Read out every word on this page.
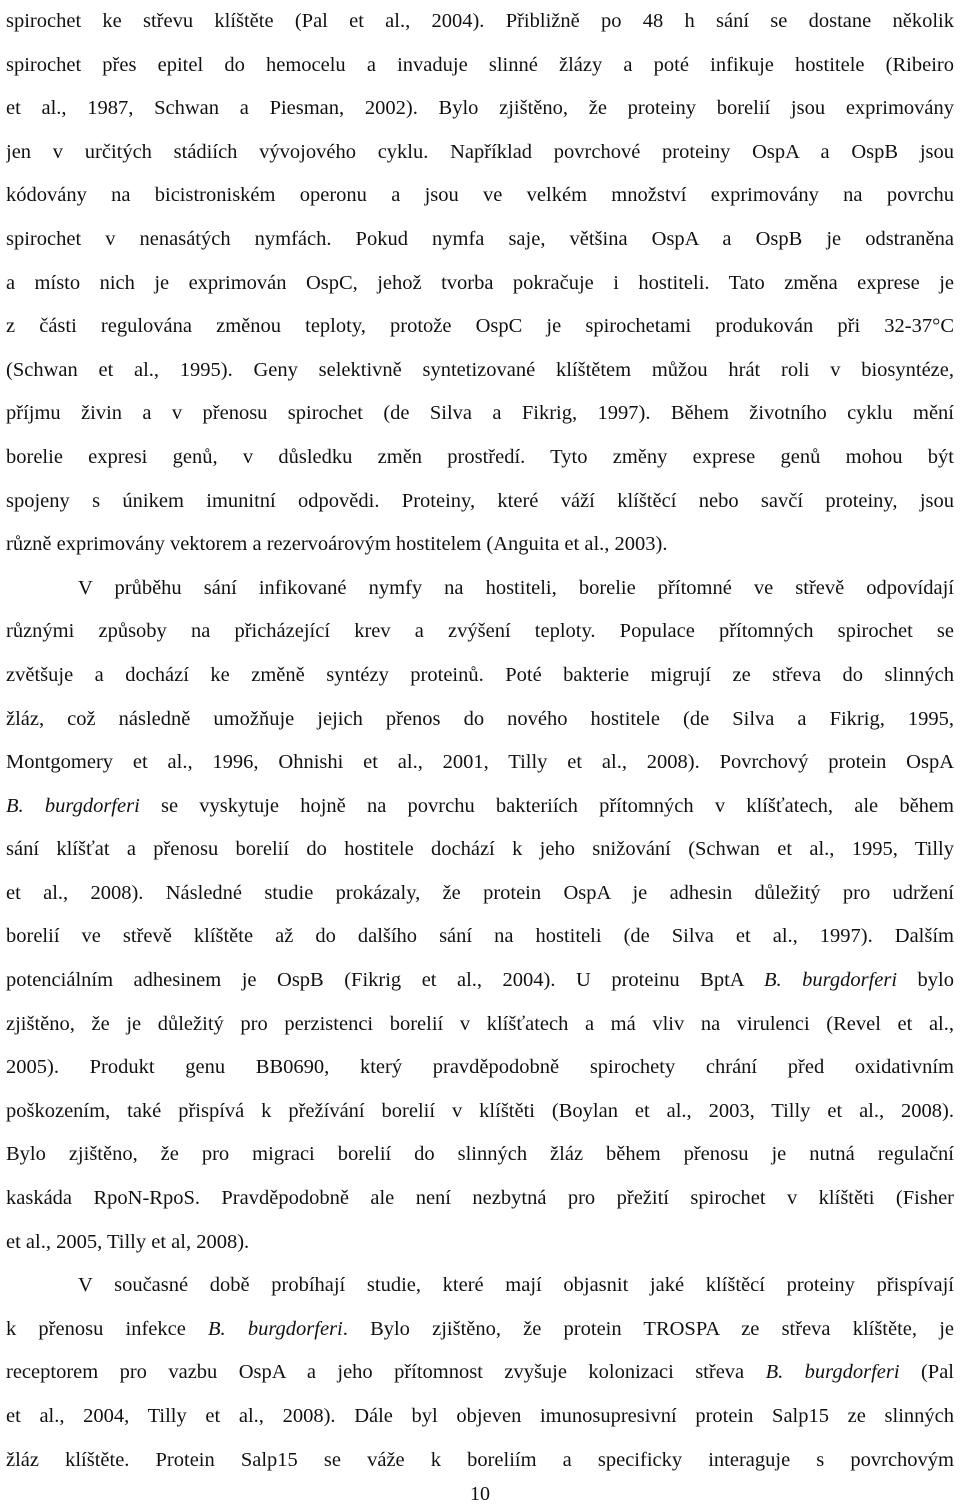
spirochet ke střevu klíštěte (Pal et al., 2004). Přibližně po 48 h sání se dostane několik
spirochet přes epitel do hemocelu a invaduje slinné žlázy a poté infikuje hostitele (Ribeiro
et al., 1987, Schwan a Piesman, 2002). Bylo zjištěno, že proteiny borelií jsou exprimovány
jen v určitých stádiích vývojového cyklu. Například povrchové proteiny OspA a OspB jsou
kódovány na bicistroniském operonu a jsou ve velkém množství exprimovány na povrchu
spirochet v nenasátých nymfách. Pokud nymfa saje, většina OspA a OspB je odstraněna
a místo nich je exprimován OspC, jehož tvorba pokračuje i hostiteli. Tato změna exprese je
z části regulována změnou teploty, protože OspC je spirochetami produkován při 32-37°C
(Schwan et al., 1995). Geny selektivně syntetizované klíštětem můžou hrát roli v biosyntéze,
příjmu živin a v přenosu spirochet (de Silva a Fikrig, 1997). Během životního cyklu mění
borelie expresi genů, v důsledku změn prostředí. Tyto změny exprese genů mohou být
spojeny s únikem imunitní odpovědi. Proteiny, které váží klíštěcí nebo savčí proteiny, jsou
různě exprimovány vektorem a rezervoárovým hostitelem (Anguita et al., 2003).
V průběhu sání infikované nymfy na hostiteli, borelie přítomné ve střevě odpovídají
různými způsoby na přicházející krev a zvýšení teploty. Populace přítomných spirochet se
zvětšuje a dochází ke změně syntézy proteinů. Poté bakterie migrují ze střeva do slinných
žláz, což následně umožňuje jejich přenos do nového hostitele (de Silva a Fikrig, 1995,
Montgomery et al., 1996, Ohnishi et al., 2001, Tilly et al., 2008). Povrchový protein OspA
B. burgdorferi se vyskytuje hojně na povrchu bakteriích přítomných v klíšťatech, ale během
sání klíšťat a přenosu borelií do hostitele dochází k jeho snižování (Schwan et al., 1995, Tilly
et al., 2008). Následné studie prokázaly, že protein OspA je adhesin důležitý pro udržení
borelií ve střevě klíštěte až do dalšího sání na hostiteli (de Silva et al., 1997). Dalším
potenciálním adhesinem je OspB (Fikrig et al., 2004). U proteinu BptA B. burgdorferi bylo
zjištěno, že je důležitý pro perzistenci borelií v klíšťatech a má vliv na virulenci (Revel et al.,
2005). Produkt genu BB0690, který pravděpodobně spirochety chrání před oxidativním
poškozením, také přispívá k přežívání borelií v klíštěti (Boylan et al., 2003, Tilly et al., 2008).
Bylo zjištěno, že pro migraci borelií do slinných žláz během přenosu je nutná regulační
kaskáda RpoN-RpoS. Pravděpodobně ale není nezbytná pro přežití spirochet v klíštěti (Fisher
et al., 2005, Tilly et al, 2008).
V současné době probíhají studie, které mají objasnit jaké klíštěcí proteiny přispívají
k přenosu infekce B. burgdorferi. Bylo zjištěno, že protein TROSPA ze střeva klíštěte, je
receptorem pro vazbu OspA a jeho přítomnost zvyšuje kolonizaci střeva B. burgdorferi (Pal
et al., 2004, Tilly et al., 2008). Dále byl objeven imunosupresivní protein Salp15 ze slinných
žláz klíštěte. Protein Salp15 se váže k boreliím a specificky interaguje s povrchovým
10
